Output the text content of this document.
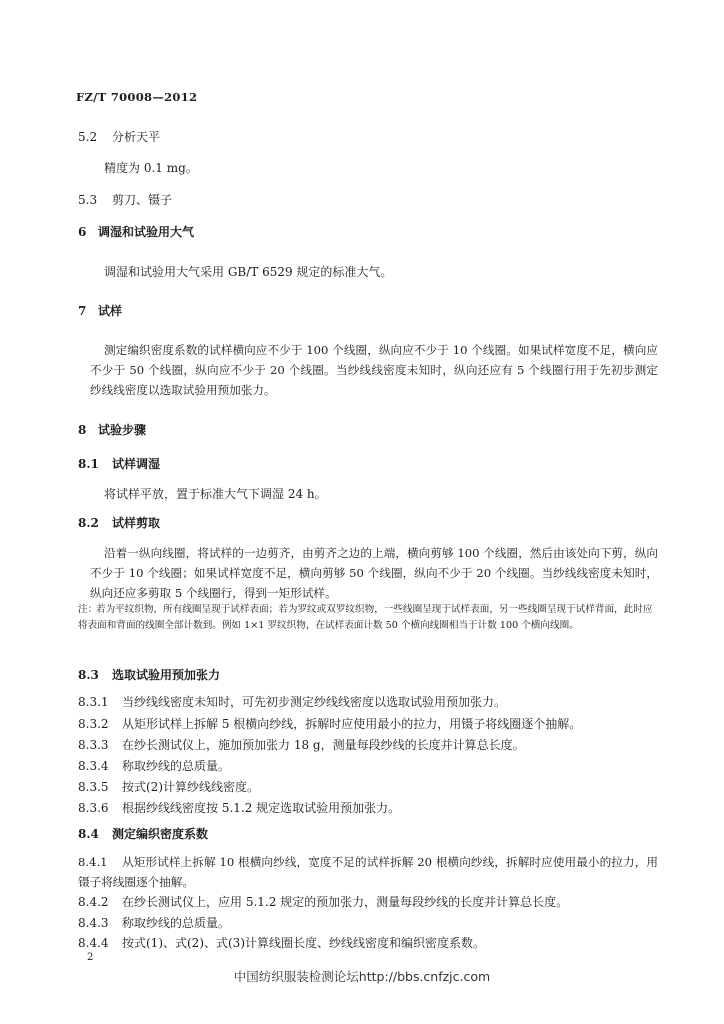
FZ/T 70008—2012
5.2 分析天平
精度为 0.1 mg。
5.3 剪刀、镊子
6 调湿和试验用大气
调湿和试验用大气采用 GB/T 6529 规定的标准大气。
7 试样
测定编织密度系数的试样横向应不少于 100 个线圈，纵向应不少于 10 个线圈。如果试样宽度不足，横向应不少于 50 个线圈，纵向应不少于 20 个线圈。当纱线线密度未知时，纵向还应有 5 个线圈行用于先初步测定纱线线密度以选取试验用预加张力。
8 试验步骤
8.1 试样调湿
将试样平放，置于标准大气下调湿 24 h。
8.2 试样剪取
沿着一纵向线圈，将试样的一边剪齐，由剪齐之边的上端，横向剪够 100 个线圈，然后由该处向下剪，纵向不少于 10 个线圈；如果试样宽度不足，横向剪够 50 个线圈，纵向不少于 20 个线圈。当纱线线密度未知时，纵向还应多剪取 5 个线圈行，得到一矩形试样。
注：若为平纹织物，所有线圈呈现于试样表面；若为罗纹或双罗纹织物，一些线圈呈现于试样表面，另一些线圈呈现于试样背面，此时应将表面和背面的线圈全部计数到。例如 1×1 罗纹织物，在试样表面计数 50 个横向线圈相当于计数 100 个横向线圈。
8.3 选取试验用预加张力
8.3.1 当纱线线密度未知时，可先初步测定纱线线密度以选取试验用预加张力。
8.3.2 从矩形试样上拆解 5 根横向纱线，拆解时应使用最小的拉力，用镊子将线圈逐个抽解。
8.3.3 在纱长测试仪上，施加预加张力 18 g，测量每段纱线的长度并计算总长度。
8.3.4 称取纱线的总质量。
8.3.5 按式(2)计算纱线线密度。
8.3.6 根据纱线线密度按 5.1.2 规定选取试验用预加张力。
8.4 测定编织密度系数
8.4.1 从矩形试样上拆解 10 根横向纱线，宽度不足的试样拆解 20 根横向纱线，拆解时应使用最小的拉力，用镊子将线圈逐个抽解。
8.4.2 在纱长测试仪上，应用 5.1.2 规定的预加张力，测量每段纱线的长度并计算总长度。
8.4.3 称取纱线的总质量。
8.4.4 按式(1)、式(2)、式(3)计算线圈长度、纱线线密度和编织密度系数。
2
中国纺织服装检测论坛http://bbs.cnfzjc.com
